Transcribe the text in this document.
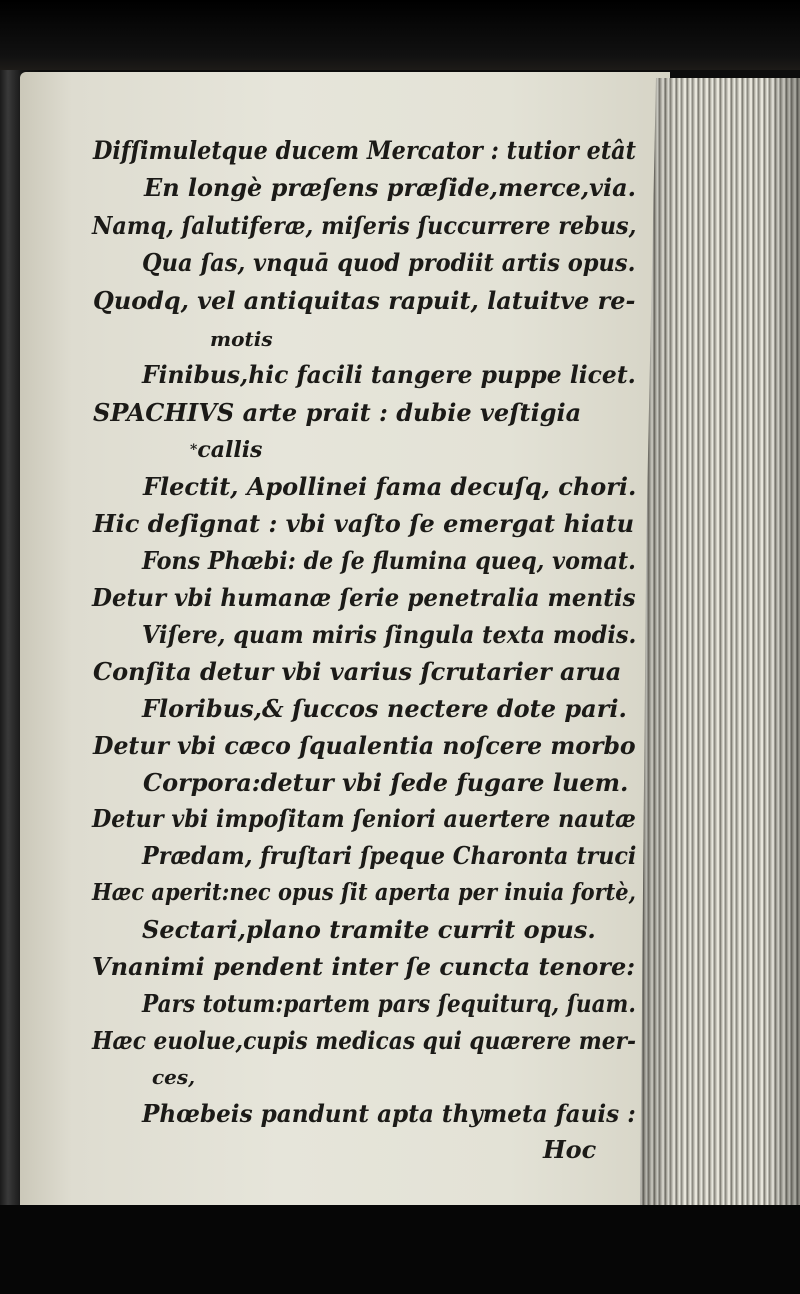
Difſimuletque ducem Mercator : tutior etât
En longè præſens præſide,merce,via.
Namq, ſalutiferæ, miſeris ſuccurrere rebus,
Qua ſas, vnquā quod prodiit artis opus.
Quodq, vel antiquitas rapuit, latuitve re-
motis
Finibus,hic facili tangere puppe licet.
SPACHIVS arte prait : dubie veſtigia
*callis
Flectit, Apollinei fama decuſq, chori.
Hic deſignat : vbi vaſto ſe emergat hiatu
Fons Phœbi: de ſe flumina queq, vomat.
Detur vbi humanæ ſerie penetralia mentis
Viſere, quam miris ſingula texta modis.
Conſita detur vbi varius ſcrutarier arua
Floribus,& ſuccos nectere dote pari.
Detur vbi cæco ſqualentia noſcere morbo
Corpora:detur vbi ſede fugare luem.
Detur vbi impoſitam ſeniori auertere nautæ
Prædam, fruſtari ſpeque Charonta truci
Hæc aperit:nec opus ſit aperta per inuia fortè,
Sectari,plano tramite currit opus.
Vnanimi pendent inter ſe cuncta tenore:
Pars totum:partem pars ſequiturq, ſuam.
Hæc euolue,cupis medicas qui quærere mer-
ces,
Phœbeis pandunt apta thymeta fauis :
Hoc
